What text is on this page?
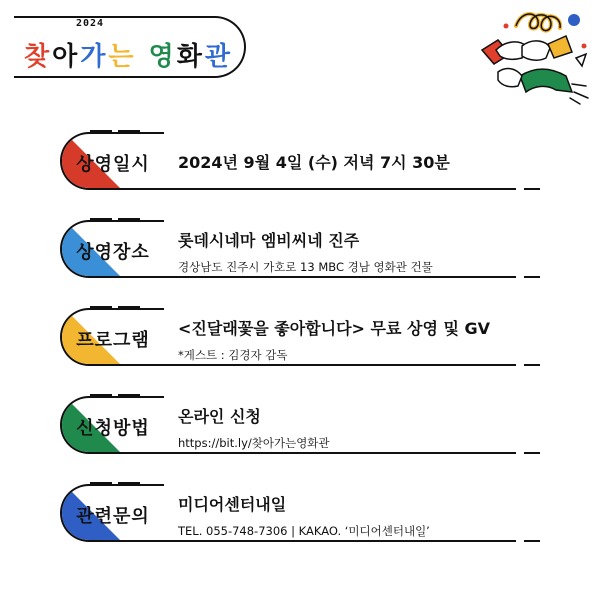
2024
찾아가는 영화관
상영일시	2024년 9월 4일 (수) 저녁 7시 30분
상영장소
롯데시네마 엠비씨네 진주
경상남도 진주시 가호로 13 MBC 경남 영화관 건물
프로그램
<진달래꽃을 좋아합니다> 무료 상영 및 GV
*게스트 : 김경자 감독
신청방법
온라인 신청
https://bit.ly/찾아가는영화관
관련문의
미디어센터내일
TEL. 055-748-7306 | KAKAO. ‘미디어센터내일’
